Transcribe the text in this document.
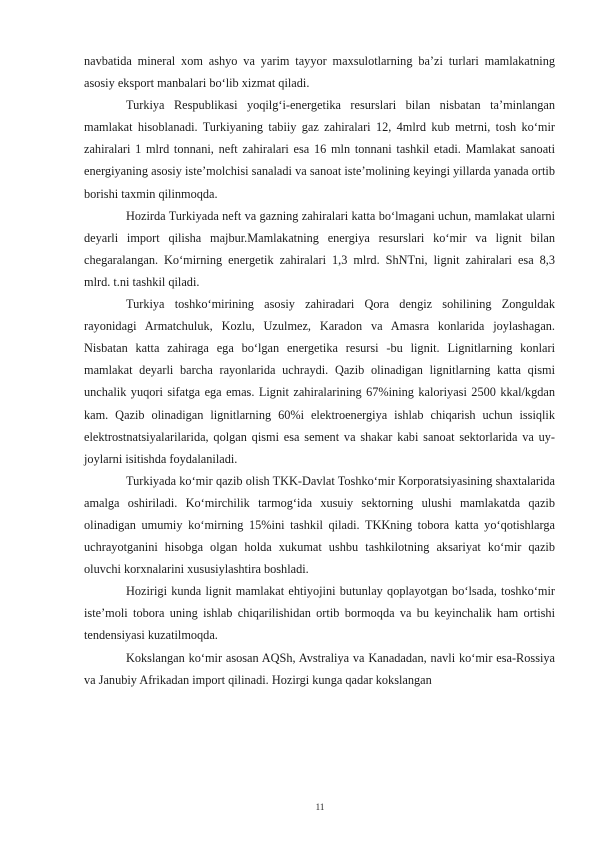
navbatida mineral xom ashyo va yarim tayyor maxsulotlarning ba’zi turlari mamlakatning asosiy eksport manbalari bo‘lib xizmat qiladi.

Turkiya Respublikasi yoqilg‘i-energetika resurslari bilan nisbatan ta’minlangan mamlakat hisoblanadi. Turkiyaning tabiiy gaz zahiralari 12, 4mlrd kub metrni, tosh ko‘mir zahiralari 1 mlrd tonnani, neft zahiralari esa 16 mln tonnani tashkil etadi. Mamlakat sanoati energiyaning asosiy iste’molchisi sanaladi va sanoat iste’molining keyingi yillarda yanada ortib borishi taxmin qilinmoqda.

Hozirda Turkiyada neft va gazning zahiralari katta bo‘lmagani uchun, mamlakat ularni deyarli import qilisha majbur.Mamlakatning energiya resurslari ko‘mir va lignit bilan chegaralangan. Ko‘mirning energetik zahiralari 1,3 mlrd. ShNTni, lignit zahiralari esa 8,3 mlrd. t.ni tashkil qiladi.

Turkiya toshko‘mirining asosiy zahiradari Qora dengiz sohilining Zonguldak rayonidagi Armatchuluk, Kozlu, Uzulmez, Karadon va Amasra konlarida joylashagan. Nisbatan katta zahiraga ega bo‘lgan energetika resursi -bu lignit. Lignitlarning konlari mamlakat deyarli barcha rayonlarida uchraydi. Qazib olinadigan lignitlarning katta qismi unchalik yuqori sifatga ega emas. Lignit zahiralarining 67%ining kaloriyasi 2500 kkal/kgdan kam. Qazib olinadigan lignitlarning 60%i elektroenergiya ishlab chiqarish uchun issiqlik elektrostnatsiyalarilarida, qolgan qismi esa sement va shakar kabi sanoat sektorlarida va uy-joylarni isitishda foydalaniladi.

Turkiyada ko‘mir qazib olish TKK-Davlat Toshko‘mir Korporatsiyasining shaxtalarida amalga oshiriladi. Ko‘mirchilik tarmog‘ida xusuiy sektorning ulushi mamlakatda qazib olinadigan umumiy ko‘mirning 15%ini tashkil qiladi. TKKning tobora katta yo‘qotishlarga uchrayotganini hisobga olgan holda xukumat ushbu tashkilotning aksariyat ko‘mir qazib oluvchi korxnalarini xususiylashtira boshladi.

Hozirigi kunda lignit mamlakat ehtiyojini butunlay qoplayotgan bo‘lsada, toshko‘mir iste’moli tobora uning ishlab chiqarilishidan ortib bormoqda va bu keyinchalik ham ortishi tendensiyasi kuzatilmoqda.

Kokslangan ko‘mir asosan AQSh, Avstraliya va Kanadadan, navli ko‘mir esa-Rossiya va Janubiy Afrikadan import qilinadi. Hozirgi kunga qadar kokslangan

11
